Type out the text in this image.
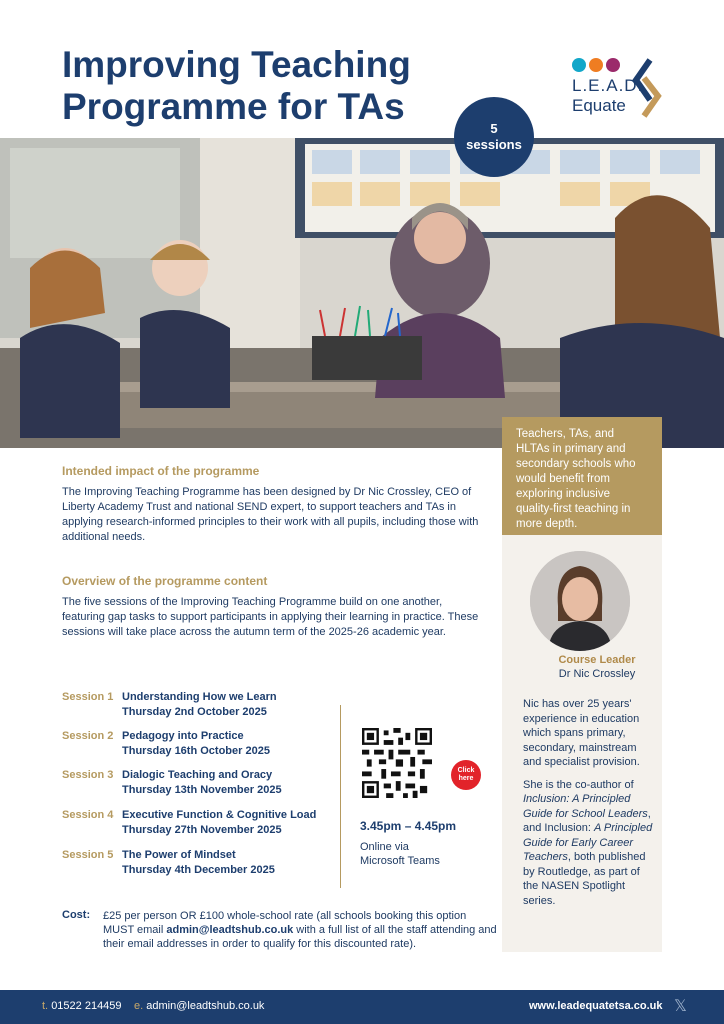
Improving Teaching
Programme for TAs
L.E.A.D.
Equate
5
sessions
Teachers, TAs, and HLTAs in primary and secondary schools who would benefit from exploring inclusive quality-first teaching in more depth.
Course Leader
Dr Nic Crossley

Nic has over 25 years' experience in education which spans primary, secondary, mainstream and specialist provision.

She is the co-author of Inclusion: A Principled Guide for School Leaders, and Inclusion: A Principled Guide for Early Career Teachers, both published by Routledge, as part of the NASEN Spotlight series.

Intended impact of the programme

The Improving Teaching Programme has been designed by Dr Nic Crossley, CEO of Liberty Academy Trust and national SEND expert, to support teachers and TAs in applying research-informed principles to their work with all pupils, including those with additional needs.

Overview of the programme content

The five sessions of the Improving Teaching Programme build on one another, featuring gap tasks to support participants in applying their learning in practice. These sessions will take place across the autumn term of the 2025-26 academic year.

Session 1 Understanding How we Learn
Thursday 2nd October 2025
Session 2 Pedagogy into Practice
Thursday 16th October 2025
Session 3 Dialogic Teaching and Oracy
Thursday 13th November 2025
Session 4 Executive Function & Cognitive Load
Thursday 27th November 2025
Session 5 The Power of Mindset
Thursday 4th December 2025
Click
here
3.45pm – 4.45pm
Online via
Microsoft Teams
Cost: £25 per person OR £100 whole-school rate (all schools booking this option MUST email admin@leadtshub.co.uk with a full list of all the staff attending and their email addresses in order to qualify for this discounted rate).
t. 01522 214459 e. admin@leadtshub.co.uk	www.leadequatetsa.co.uk 𝕏
